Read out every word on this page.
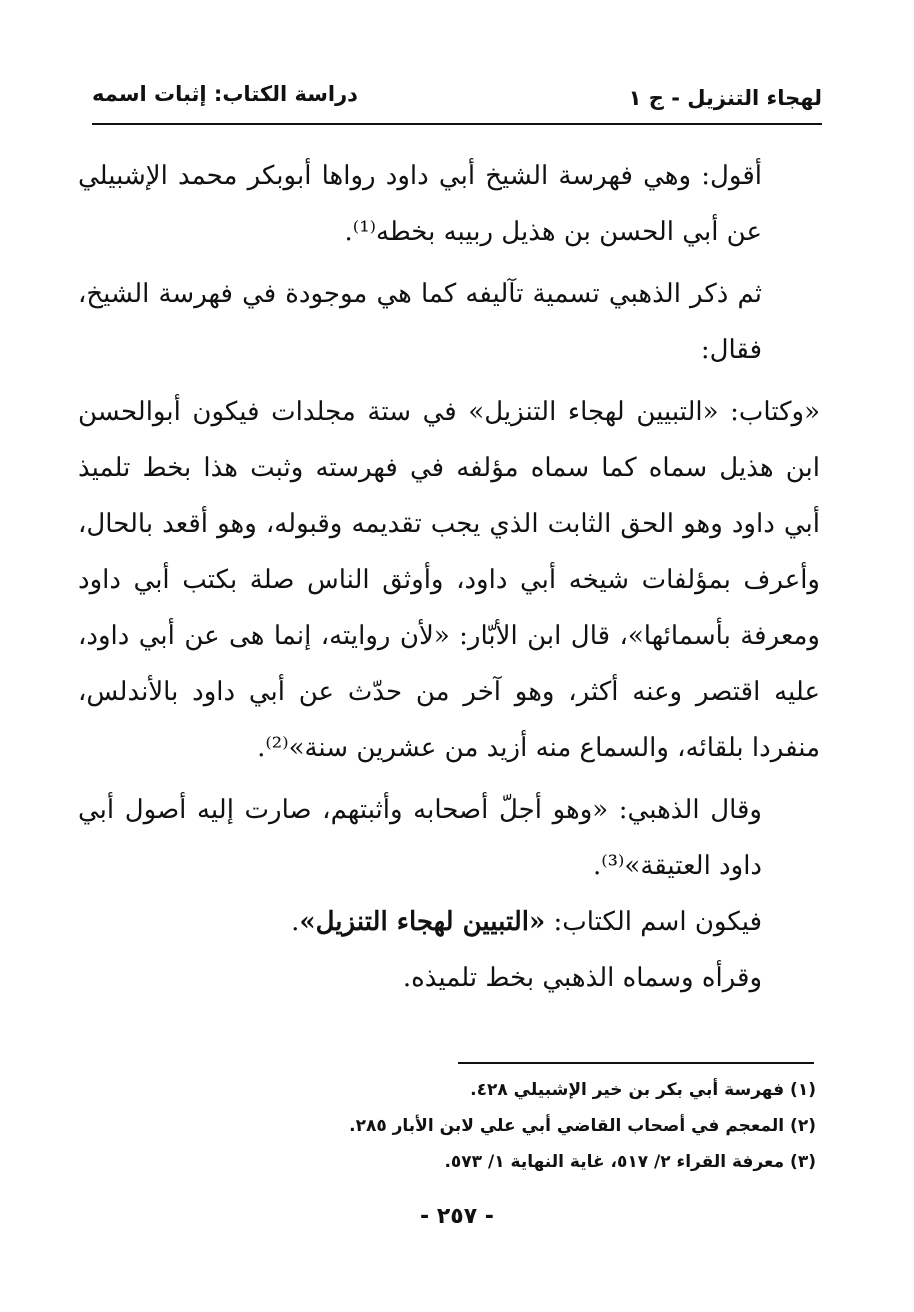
لهجاء التنزيل - ج ١
دراسة الكتاب: إثبات اسمه

أقول: وهي فهرسة الشيخ أبي داود رواها أبوبكر محمد الإشبيلي عن أبي الحسن بن هذيل ربيبه بخطه⁽¹⁾.

ثم ذكر الذهبي تسمية تآليفه كما هي موجودة في فهرسة الشيخ، فقال:

«وكتاب: «التبيين لهجاء التنزيل» في ستة مجلدات فيكون أبوالحسن ابن هذيل سماه كما سماه مؤلفه في فهرسته وثبت هذا بخط تلميذ أبي داود وهو الحق الثابت الذي يجب تقديمه وقبوله، وهو أقعد بالحال، وأعرف بمؤلفات شيخه أبي داود، وأوثق الناس صلة بكتب أبي داود ومعرفة بأسمائها»، قال ابن الأبّار: «لأن روايته، إنما هى عن أبي داود، عليه اقتصر وعنه أكثر، وهو آخر من حدّث عن أبي داود بالأندلس، منفردا بلقائه، والسماع منه أزيد من عشرين سنة»⁽²⁾.

وقال الذهبي: «وهو أجلّ أصحابه وأثبتهم، صارت إليه أصول أبي داود العتيقة»⁽³⁾.

فيكون اسم الكتاب: «التبيين لهجاء التنزيل».

وقرأه وسماه الذهبي بخط تلميذه.

(١) فهرسة أبي بكر بن خير الإشبيلي ٤٢٨.

(٢) المعجم في أصحاب القاضي أبي علي لابن الأبار ٢٨٥.

(٣) معرفة القراء ٢/ ٥١٧، غاية النهاية ١/ ٥٧٣.

- ٢٥٧ -
